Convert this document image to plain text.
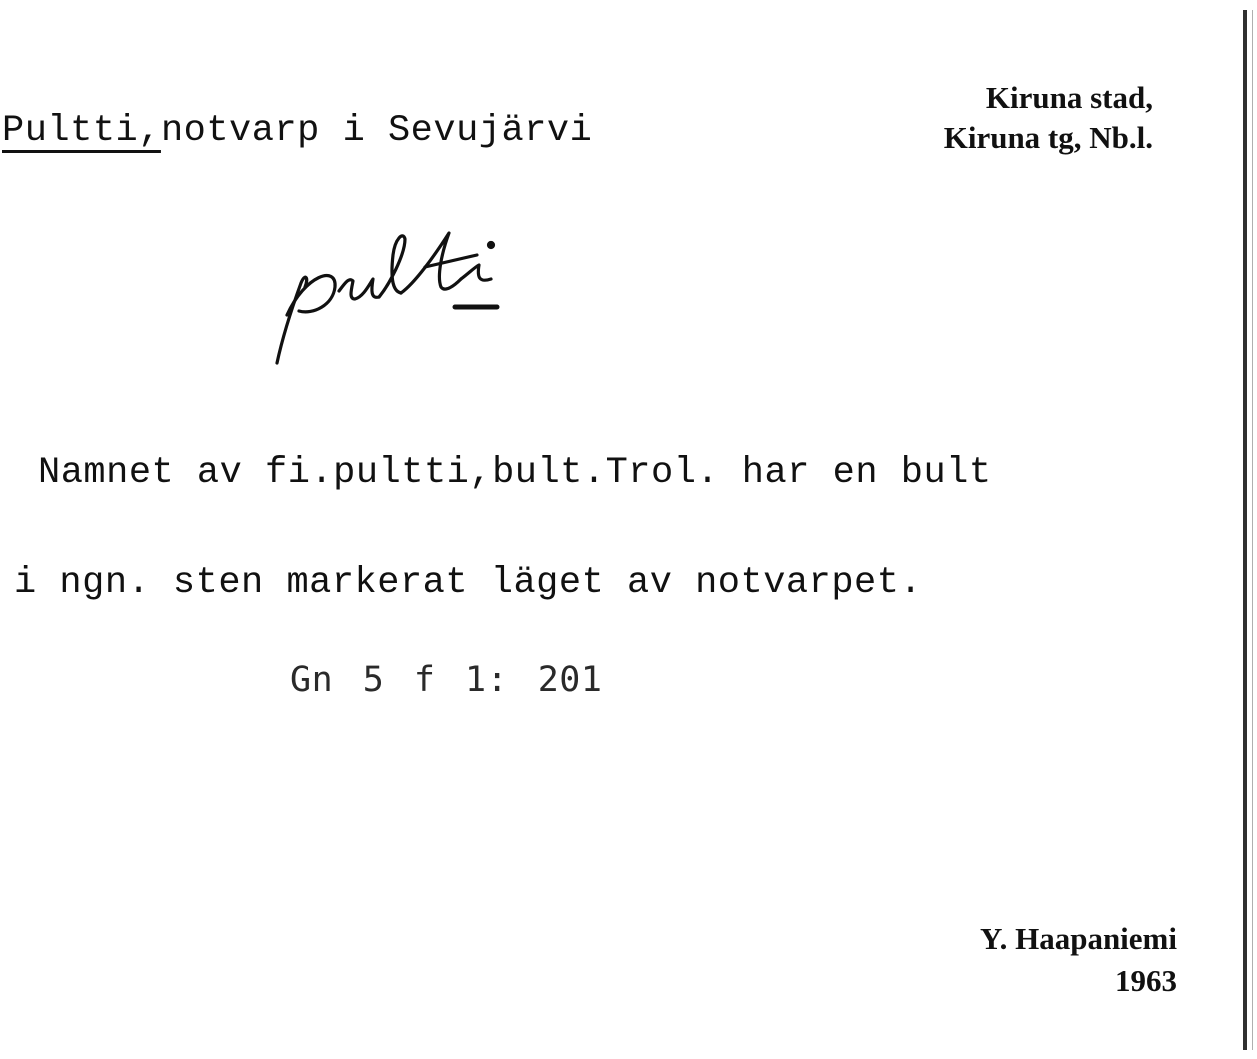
Pultti,notvarp i Sevujärvi
Kiruna stad,
Kiruna tg, Nb.l.
Namnet av fi.pultti,bult.Trol. har en bult
i ngn. sten markerat läget av notvarpet.
Gn 5 f 1: 201
Y. Haapaniemi
1963
